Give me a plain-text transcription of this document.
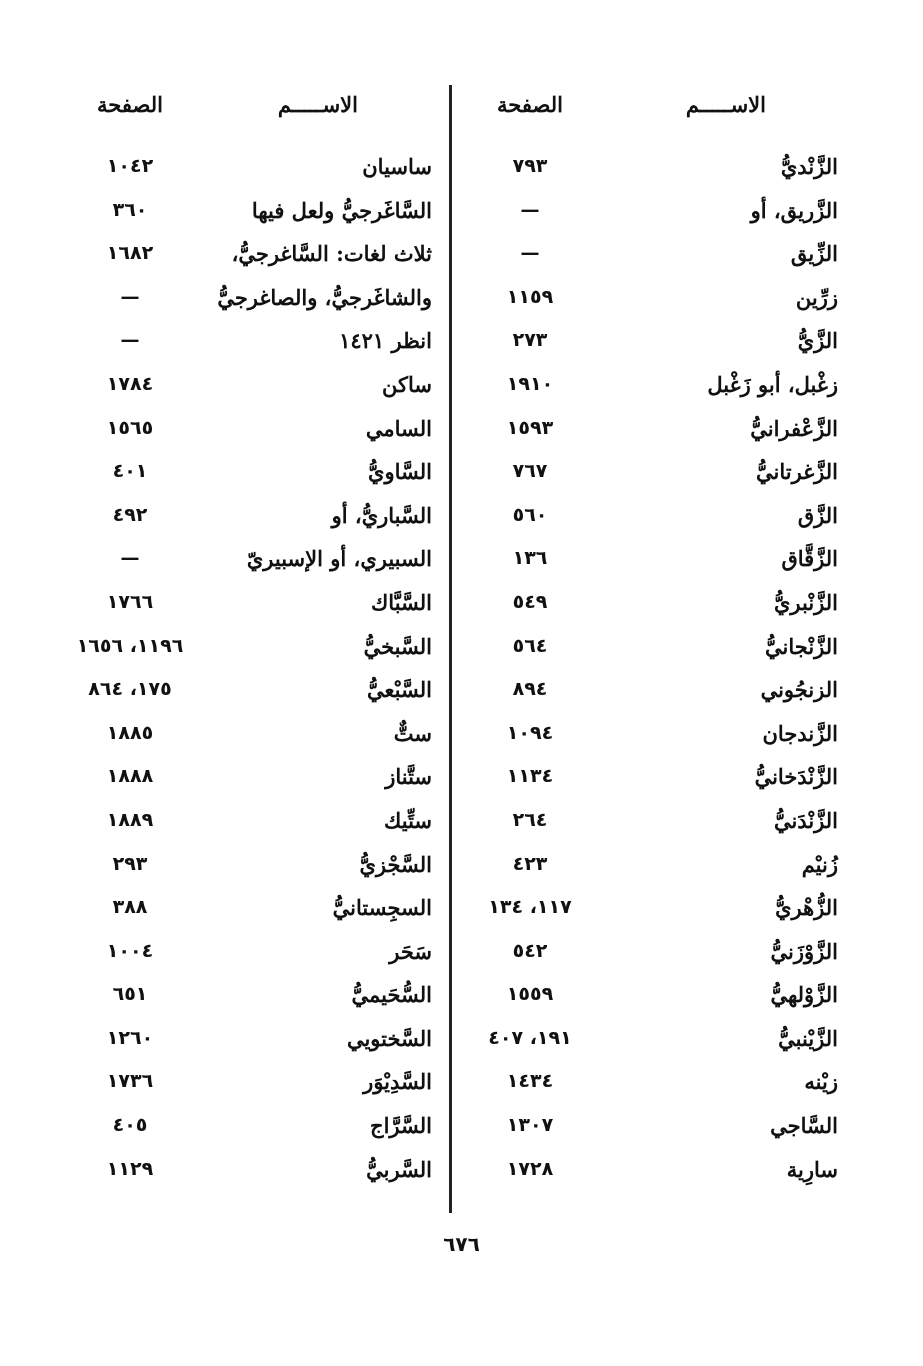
الاســـــم
الصفحة
الزَّنْديُّ
٧٩٣
الزَّريق، أو
—
الزِّيق
—
زرِّين
١١٥٩
الزَّيُّ
٢٧٣
زغْبل، أبو زَغْبل
١٩١٠
الزَّعْفرانيُّ
١٥٩٣
الزَّغرتانيُّ
٧٦٧
الزَّق
٥٦٠
الزَّقَّاق
١٣٦
الزَّنْبريُّ
٥٤٩
الزَّنْجانيُّ
٥٦٤
الزنجُوني
٨٩٤
الزَّندجان
١٠٩٤
الزَّنْدَخانيُّ
١١٣٤
الزَّنْدَنيُّ
٢٦٤
زُنيْم
٤٢٣
الزُّهْريُّ
١١٧، ١٣٤
الزَّوْزَنيُّ
٥٤٢
الزَّوْلهيُّ
١٥٥٩
الزَّيْنبيُّ
١٩١، ٤٠٧
زيْنه
١٤٣٤
السَّاجي
١٣٠٧
سارِية
١٧٢٨
الاســـــم
الصفحة
ساسيان
١٠٤٢
السَّاغَرجيُّ ولعل فيها
٣٦٠
ثلاث لغات: السَّاغرجيُّ،
١٦٨٢
والشاغَرجيُّ، والصاغرجيُّ
—
انظر ١٤٢١
—
ساكن
١٧٨٤
السامي
١٥٦٥
السَّاويُّ
٤٠١
السَّباريُّ، أو
٤٩٢
السبيري، أو الإسبيريّ
—
السَّبَّاك
١٧٦٦
السَّبخيُّ
١١٩٦، ١٦٥٦
السَّبْعيُّ
١٧٥، ٨٦٤
ستٌّ
١٨٨٥
ستَّناز
١٨٨٨
ستِّيك
١٨٨٩
السَّجْزيُّ
٢٩٣
السجِستانيُّ
٣٨٨
سَحَر
١٠٠٤
السُّحَيميُّ
٦٥١
السَّختويي
١٢٦٠
السَّدِيْوَر
١٧٣٦
السَّرَّاج
٤٠٥
السَّربيُّ
١١٢٩
٦٧٦
